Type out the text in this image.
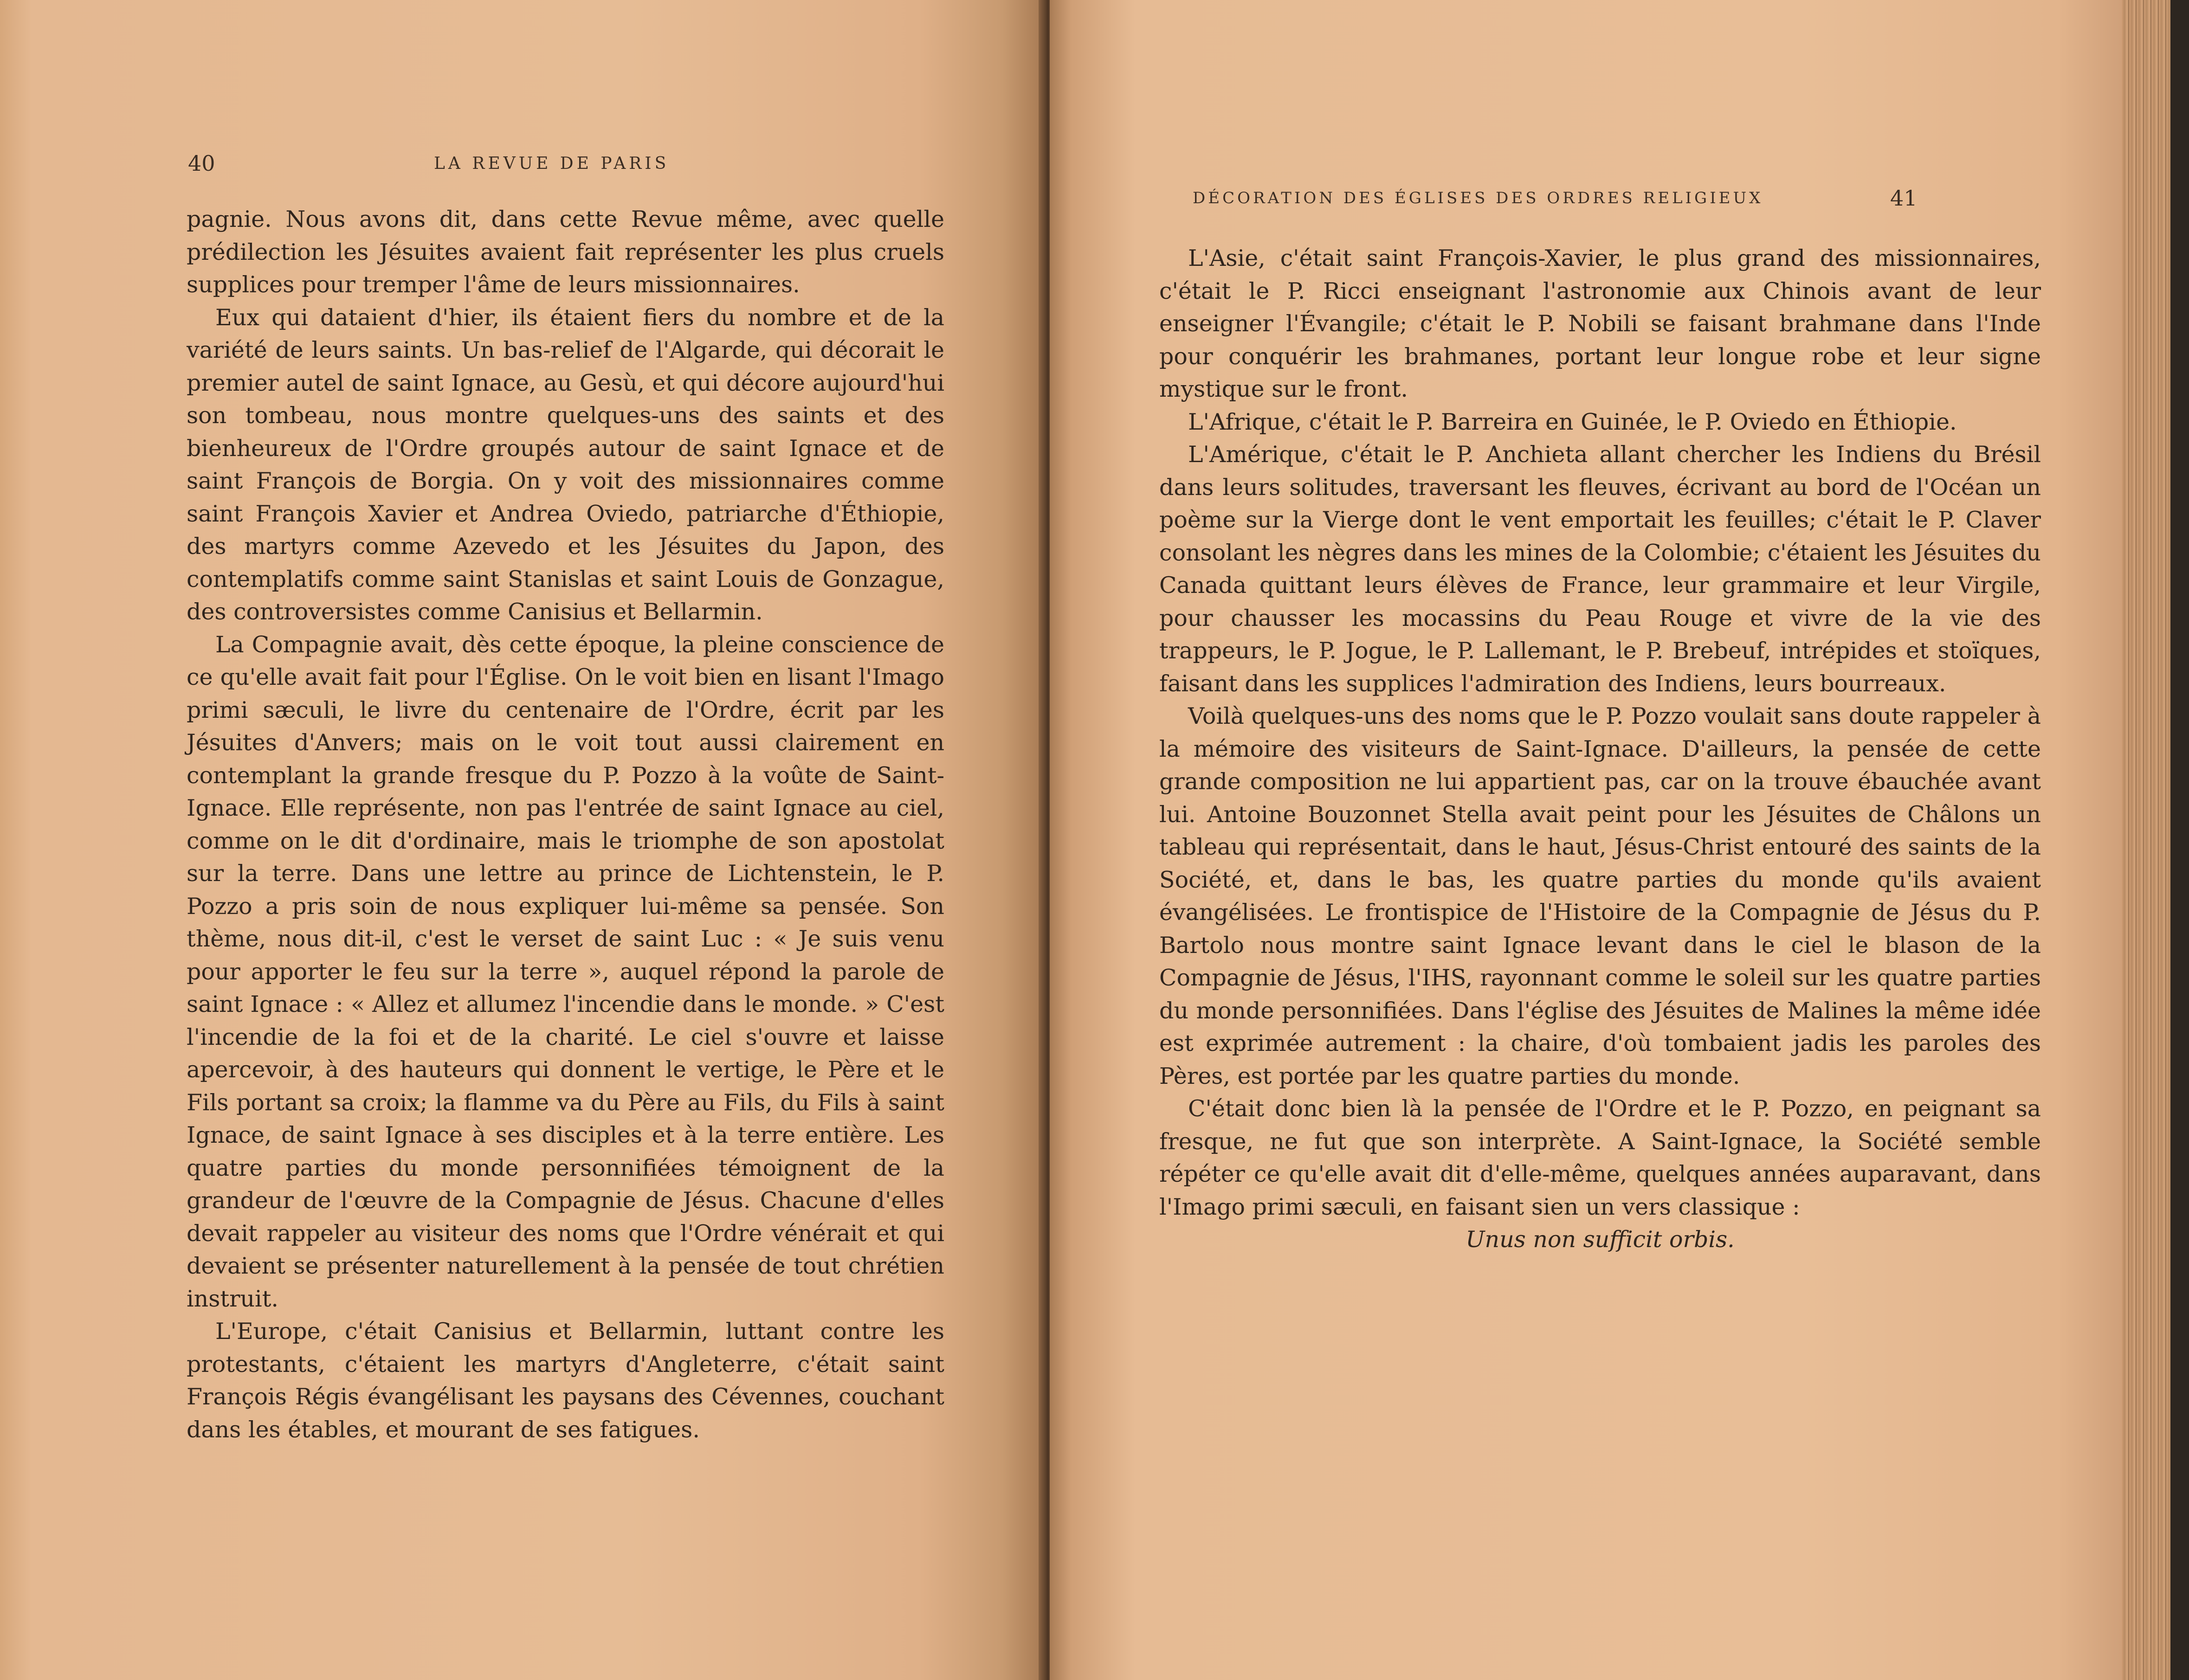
40	LA REVUE DE PARIS

pagnie. Nous avons dit, dans cette Revue même, avec quelle prédilection les Jésuites avaient fait représenter les plus cruels supplices pour tremper l'âme de leurs missionnaires.

Eux qui dataient d'hier, ils étaient fiers du nombre et de la variété de leurs saints. Un bas-relief de l'Algarde, qui décorait le premier autel de saint Ignace, au Gesù, et qui décore aujourd'hui son tombeau, nous montre quelques-uns des saints et des bienheureux de l'Ordre groupés autour de saint Ignace et de saint François de Borgia. On y voit des missionnaires comme saint François Xavier et Andrea Oviedo, patriarche d'Éthiopie, des martyrs comme Azevedo et les Jésuites du Japon, des contemplatifs comme saint Stanislas et saint Louis de Gonzague, des controversistes comme Canisius et Bellarmin.

La Compagnie avait, dès cette époque, la pleine conscience de ce qu'elle avait fait pour l'Église. On le voit bien en lisant l'Imago primi sæculi, le livre du centenaire de l'Ordre, écrit par les Jésuites d'Anvers; mais on le voit tout aussi clairement en contemplant la grande fresque du P. Pozzo à la voûte de Saint-Ignace. Elle représente, non pas l'entrée de saint Ignace au ciel, comme on le dit d'ordinaire, mais le triomphe de son apostolat sur la terre. Dans une lettre au prince de Lichtenstein, le P. Pozzo a pris soin de nous expliquer lui-même sa pensée. Son thème, nous dit-il, c'est le verset de saint Luc : « Je suis venu pour apporter le feu sur la terre », auquel répond la parole de saint Ignace : « Allez et allumez l'incendie dans le monde. » C'est l'incendie de la foi et de la charité. Le ciel s'ouvre et laisse apercevoir, à des hauteurs qui donnent le vertige, le Père et le Fils portant sa croix; la flamme va du Père au Fils, du Fils à saint Ignace, de saint Ignace à ses disciples et à la terre entière. Les quatre parties du monde personnifiées témoignent de la grandeur de l'œuvre de la Compagnie de Jésus. Chacune d'elles devait rappeler au visiteur des noms que l'Ordre vénérait et qui devaient se présenter naturellement à la pensée de tout chrétien instruit.

L'Europe, c'était Canisius et Bellarmin, luttant contre les protestants, c'étaient les martyrs d'Angleterre, c'était saint François Régis évangélisant les paysans des Cévennes, couchant dans les étables, et mourant de ses fatigues.

DÉCORATION DES ÉGLISES DES ORDRES RELIGIEUX	41

L'Asie, c'était saint François-Xavier, le plus grand des missionnaires, c'était le P. Ricci enseignant l'astronomie aux Chinois avant de leur enseigner l'Évangile; c'était le P. Nobili se faisant brahmane dans l'Inde pour conquérir les brahmanes, portant leur longue robe et leur signe mystique sur le front.

L'Afrique, c'était le P. Barreira en Guinée, le P. Oviedo en Éthiopie.

L'Amérique, c'était le P. Anchieta allant chercher les Indiens du Brésil dans leurs solitudes, traversant les fleuves, écrivant au bord de l'Océan un poème sur la Vierge dont le vent emportait les feuilles; c'était le P. Claver consolant les nègres dans les mines de la Colombie; c'étaient les Jésuites du Canada quittant leurs élèves de France, leur grammaire et leur Virgile, pour chausser les mocassins du Peau Rouge et vivre de la vie des trappeurs, le P. Jogue, le P. Lallemant, le P. Brebeuf, intrépides et stoïques, faisant dans les supplices l'admiration des Indiens, leurs bourreaux.

Voilà quelques-uns des noms que le P. Pozzo voulait sans doute rappeler à la mémoire des visiteurs de Saint-Ignace. D'ailleurs, la pensée de cette grande composition ne lui appartient pas, car on la trouve ébauchée avant lui. Antoine Bouzonnet Stella avait peint pour les Jésuites de Châlons un tableau qui représentait, dans le haut, Jésus-Christ entouré des saints de la Société, et, dans le bas, les quatre parties du monde qu'ils avaient évangélisées. Le frontispice de l'Histoire de la Compagnie de Jésus du P. Bartolo nous montre saint Ignace levant dans le ciel le blason de la Compagnie de Jésus, l'IHS, rayonnant comme le soleil sur les quatre parties du monde personnifiées. Dans l'église des Jésuites de Malines la même idée est exprimée autrement : la chaire, d'où tombaient jadis les paroles des Pères, est portée par les quatre parties du monde.

C'était donc bien là la pensée de l'Ordre et le P. Pozzo, en peignant sa fresque, ne fut que son interprète. A Saint-Ignace, la Société semble répéter ce qu'elle avait dit d'elle-même, quelques années auparavant, dans l'Imago primi sæculi, en faisant sien un vers classique :

Unus non sufficit orbis.
